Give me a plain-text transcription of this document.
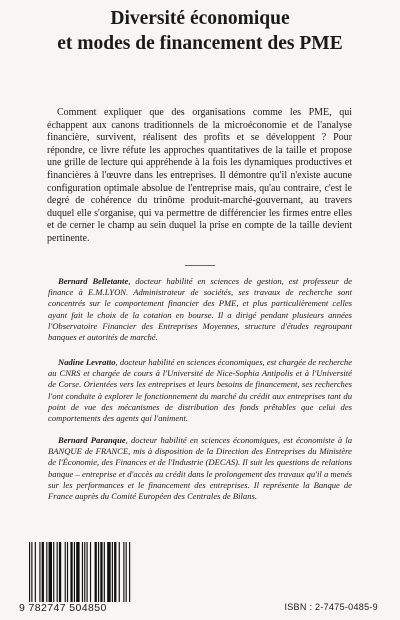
Diversité économique
et modes de financement des PME

Comment expliquer que des organisations comme les PME, qui échappent aux canons traditionnels de la microéconomie et de l'analyse financière, survivent, réalisent des profits et se développent ? Pour répondre, ce livre réfute les approches quantitatives de la taille et propose une grille de lecture qui appréhende à la fois les dynamiques productives et financières à l'œuvre dans les entreprises. Il démontre qu'il n'existe aucune configuration optimale absolue de l'entreprise mais, qu'au contraire, c'est le degré de cohérence du trinôme produit-marché-gouvernant, au travers duquel elle s'organise, qui va permettre de différencier les firmes entre elles et de cerner le champ au sein duquel la prise en compte de la taille devient pertinente.

Bernard Belletante, docteur habilité en sciences de gestion, est professeur de finance à E.M.LYON. Administrateur de sociétés, ses travaux de recherche sont concentrés sur le comportement financier des PME, et plus particulièrement celles ayant fait le choix de la cotation en bourse. Il a dirigé pendant plusieurs années l'Observatoire Financier des Entreprises Moyennes, structure d'études regroupant banques et autorités de marché.

Nadine Levratto, docteur habilité en sciences économiques, est chargée de recherche au CNRS et chargée de cours à l'Université de Nice-Sophia Antipolis et à l'Université de Corse. Orientées vers les entreprises et leurs besoins de financement, ses recherches l'ont conduite à explorer le fonctionnement du marché du crédit aux entreprises tant du point de vue des mécanismes de distribution des fonds prêtables que celui des comportements des agents qui l'animent.

Bernard Paranque, docteur habilité en sciences économiques, est économiste à la BANQUE de FRANCE, mis à disposition de la Direction des Entreprises du Ministère de l'Économie, des Finances et de l'Industrie (DECAS). Il suit les questions de relations banque – entreprise et d'accès au crédit dans le prolongement des travaux qu'il a menés sur les performances et le financement des entreprises. Il représente la Banque de France auprès du Comité Européen des Centrales de Bilans.

9 782747 504850	ISBN : 2-7475-0485-9
